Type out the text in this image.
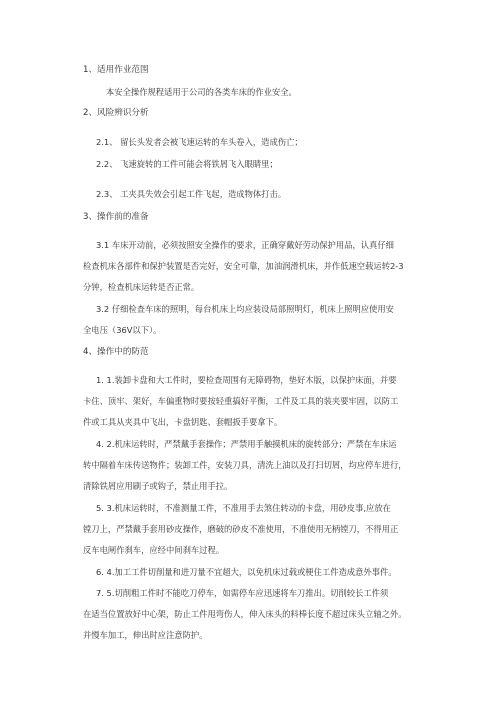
1、适用作业范围
本安全操作规程适用于公司的各类车床的作业安全。
2、风险辨识分析
2.1、 留长头发者会被飞速运转的车头卷入，造成伤亡；
2.2、 飞速旋转的工件可能会将铁屑飞入眼睛里；
2.3、 工夹具失效会引起工件飞起，造成物体打击。
3、操作前的准备
3.1 车床开动前，必须按照安全操作的要求，正确穿戴好劳动保护用品，认真仔细
检查机床各部件和保护装置是否完好，安全可靠，加油润滑机床，并作低速空载运转2-3
分钟，检查机床运转是否正常。
3.2 仔细检查车床的照明，每台机床上均应装设局部照明灯，机床上照明应使用安
全电压（36V以下）。
4、操作中的防范
1. 1.装卸卡盘和大工件时，要检查周围有无障碍物，垫好木版，以保护床面，并要
卡住、顶牢、架好，车偏重物时要按轻重搞好平衡，工件及工具的装夹要牢固，以防工
件或工具从夹具中飞出，卡盘钥匙、套帽扳手要拿下。
4. 2.机床运转时，严禁戴手套操作；严禁用手触摸机床的旋转部分；严禁在车床运
转中隔着车床传送物件；装卸工件，安装刀具，清洗上油以及打扫切屑，均应停车进行，
清除铁屑应用刷子或钩子，禁止用手拉。
5. 3.机床运转时，不准测量工件，不准用手去煞住转动的卡盘，用砂皮事,应放在
镗刀上，严禁戴手套用砂皮操作，磨破的砂皮不准使用，不准使用无柄镗刀，不得用正
反车电闸作刹车，应经中间刹车过程。
6. 4.加工工件切削量和进刀量不宜超大，以免机床过载或梗住工件造成意外事件。
7. 5.切削粗工件时不能吃刀停车，如需停车应迅速将车刀推出。切削较长工件须
在适当位置放好中心架，防止工件甩弯伤人，伸入床头的料棒长度不超过床头立轴之外。
并慢车加工，伸出时应注意防护。
